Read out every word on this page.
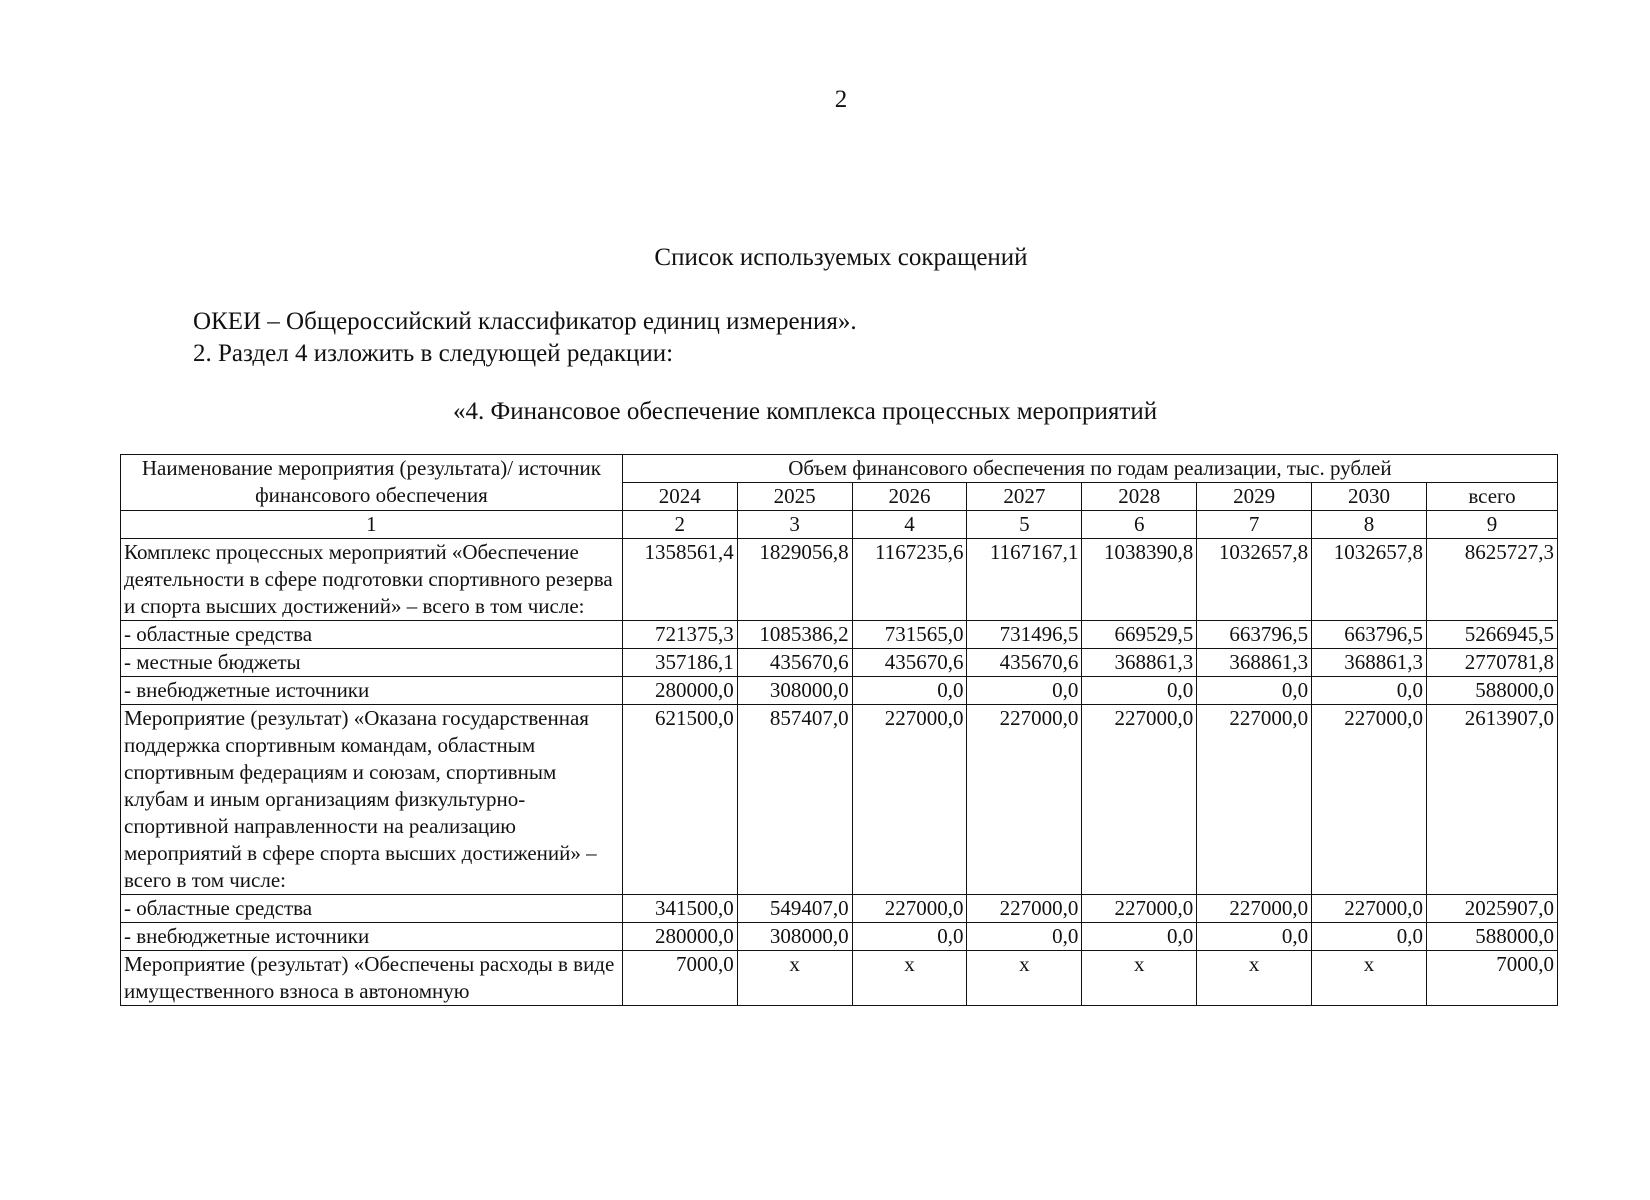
2
Список используемых сокращений
ОКЕИ – Общероссийский классификатор единиц измерения».
2. Раздел 4 изложить в следующей редакции:
«4. Финансовое обеспечение комплекса процессных мероприятий
Наименование мероприятия (результата)/ источник финансового обеспечения	Объем финансового обеспечения по годам реализации, тыс. рублей							
	2024	2025	2026	2027	2028	2029	2030	всего
1	2	3	4	5	6	7	8	9
Комплекс процессных мероприятий «Обеспечение деятельности в сфере подготовки спортивного резерва и спорта высших достижений» – всего в том числе:	1358561,4	1829056,8	1167235,6	1167167,1	1038390,8	1032657,8	1032657,8	8625727,3
- областные средства	721375,3	1085386,2	731565,0	731496,5	669529,5	663796,5	663796,5	5266945,5
- местные бюджеты	357186,1	435670,6	435670,6	435670,6	368861,3	368861,3	368861,3	2770781,8
- внебюджетные источники	280000,0	308000,0	0,0	0,0	0,0	0,0	0,0	588000,0
Мероприятие (результат) «Оказана государственная поддержка спортивным командам, областным спортивным федерациям и союзам, спортивным клубам и иным организациям физкультурно-спортивной направленности на реализацию мероприятий в сфере спорта высших достижений» – всего в том числе:	621500,0	857407,0	227000,0	227000,0	227000,0	227000,0	227000,0	2613907,0
- областные средства	341500,0	549407,0	227000,0	227000,0	227000,0	227000,0	227000,0	2025907,0
- внебюджетные источники	280000,0	308000,0	0,0	0,0	0,0	0,0	0,0	588000,0
Мероприятие (результат) «Обеспечены расходы в виде имущественного взноса в автономную	7000,0	x	x	x	x	x	x	7000,0
